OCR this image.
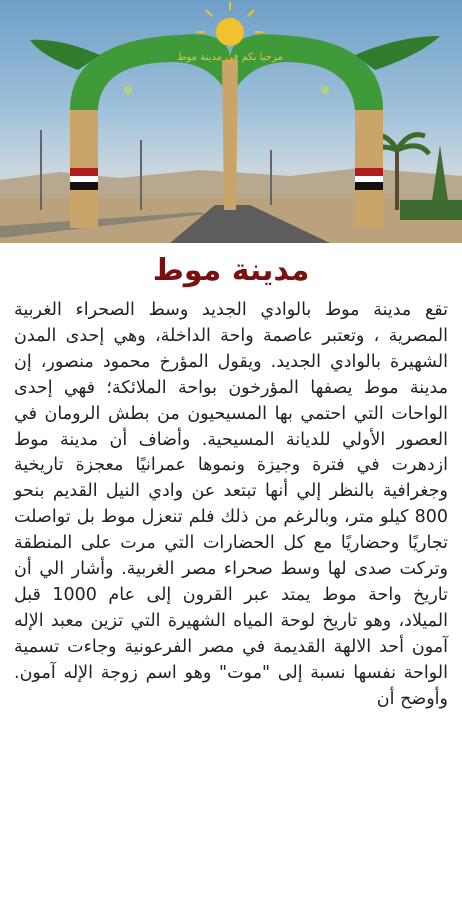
مرحبا بكم في مدينة موط
مدينة موط

تقع مدينة موط بالوادي الجديد وسط الصحراء الغربية المصرية ، وتعتبر عاصمة واحة الداخلة، وهي إحدى المدن الشهيرة بالوادي الجديد. ويقول المؤرخ محمود منصور، إن مدينة موط يصفها المؤرخون بواحة الملائكة؛ فهي إحدى الواحات التي احتمي بها المسيحيون من بطش الرومان في العصور الأولي للديانة المسيحية. وأضاف أن مدينة موط ازدهرت في فترة وجيزة ونموها عمرانيًا معجزة تاريخية وجغرافية بالنظر إلي أنها تبتعد عن وادي النيل القديم بنحو 800 كيلو متر، وبالرغم من ذلك فلم تنعزل موط بل تواصلت تجاريًا وحضاريًا مع كل الحضارات التي مرت على المنطقة وتركت صدى لها وسط صحراء مصر الغربية. وأشار الي أن تاريخ واحة موط يمتد عبر القرون إلى عام 1000 قبل الميلاد، وهو تاريخ لوحة المياه الشهيرة التي تزين معبد الإله آمون أحد الالهة القديمة في مصر الفرعونية وجاءت تسمية الواحة نفسها نسبة إلى "موت" وهو اسم زوجة الإله آمون. وأوضح أن
